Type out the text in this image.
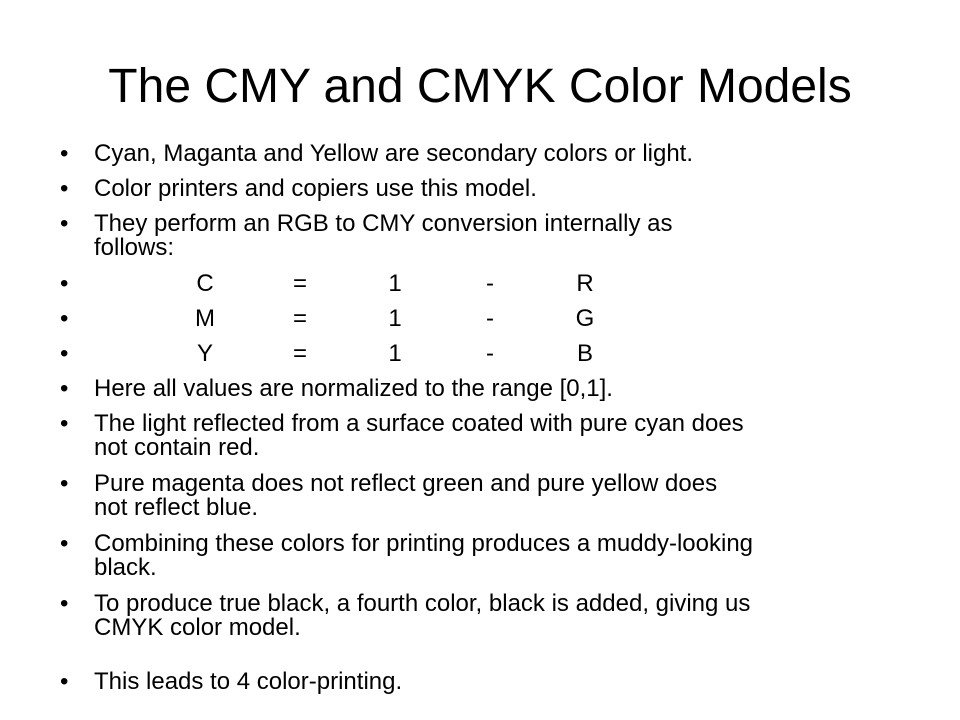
The CMY and CMYK Color Models
•	Cyan, Maganta and Yellow are secondary colors or light.
•	Color printers and copiers use this model.
•	They perform an RGB to CMY conversion internally as
follows:
•	C	=	1	-	R
•	M	=	1	-	G
•	Y	=	1	-	B
•	Here all values are normalized to the range [0,1].
•	The light reflected from a surface coated with pure cyan does
not contain red.
•	Pure magenta does not reflect green and pure yellow does
not reflect blue.
•	Combining these colors for printing produces a muddy-looking
black.
•	To produce true black, a fourth color, black is added, giving us
CMYK color model.
•	This leads to 4 color-printing.
